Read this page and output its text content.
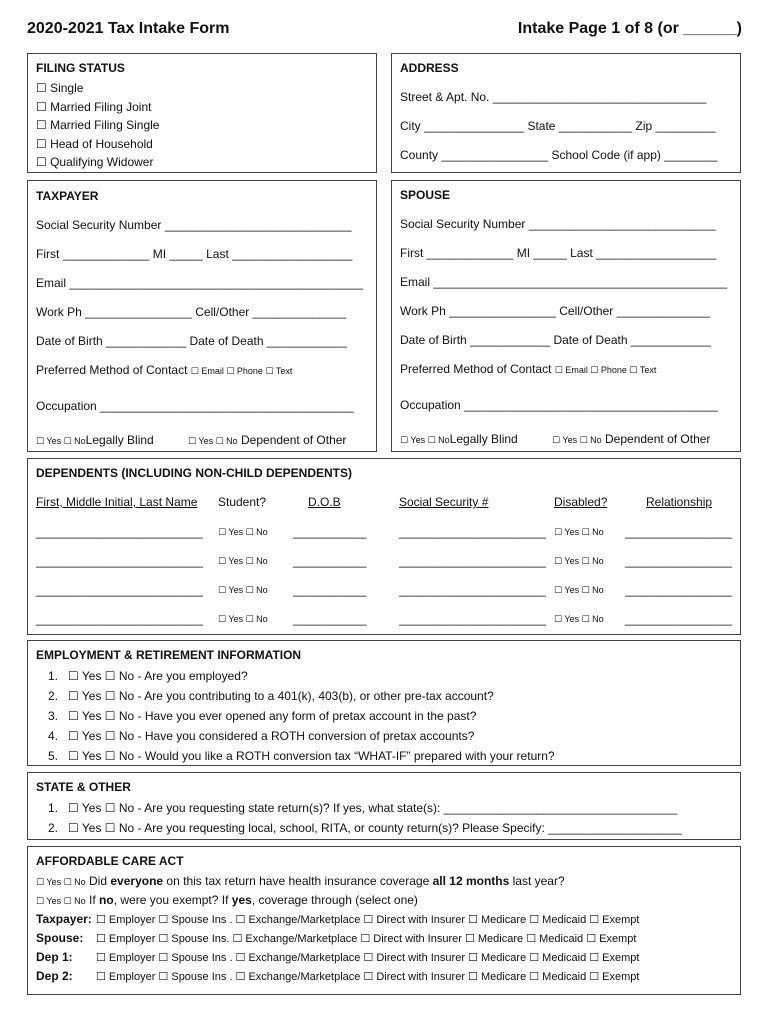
2020-2021 Tax Intake Form	Intake Page 1 of 8 (or ______)
FILING STATUS
☐ Single
☐ Married Filing Joint
☐ Married Filing Single
☐ Head of Household
☐ Qualifying Widower
ADDRESS
Street & Apt. No. ________________________________
City _______________ State ___________ Zip _________
County ________________ School Code (if app) ________
TAXPAYER
Social Security Number ____________________________
First _____________ MI _____ Last __________________
Email ____________________________________________
Work Ph ________________ Cell/Other ______________
Date of Birth ____________ Date of Death ____________
Preferred Method of Contact ☐ Email ☐ Phone ☐ Text
Occupation ______________________________________
☐ Yes ☐ NoLegally Blind	☐ Yes ☐ No Dependent of Other
SPOUSE
Social Security Number ____________________________
First _____________ MI _____ Last __________________
Email ____________________________________________
Work Ph ________________ Cell/Other ______________
Date of Birth ____________ Date of Death ____________
Preferred Method of Contact ☐ Email ☐ Phone ☐ Text
Occupation ______________________________________
☐ Yes ☐ NoLegally Blind	☐ Yes ☐ No Dependent of Other
DEPENDENTS (INCLUDING NON-CHILD DEPENDENTS)
First, Middle Initial, Last Name Student?	D.O.B	Social Security #	Disabled?	Relationship
_________________________ ☐ Yes ☐ No ___________	______________________ ☐ Yes ☐ No ________________
_________________________ ☐ Yes ☐ No ___________	______________________ ☐ Yes ☐ No ________________
_________________________ ☐ Yes ☐ No ___________	______________________ ☐ Yes ☐ No ________________
_________________________ ☐ Yes ☐ No ___________	______________________ ☐ Yes ☐ No ________________
EMPLOYMENT & RETIREMENT INFORMATION
1. ☐ Yes ☐ No - Are you employed?
2. ☐ Yes ☐ No - Are you contributing to a 401(k), 403(b), or other pre-tax account?
3. ☐ Yes ☐ No - Have you ever opened any form of pretax account in the past?
4. ☐ Yes ☐ No - Have you considered a ROTH conversion of pretax accounts?
5. ☐ Yes ☐ No - Would you like a ROTH conversion tax “WHAT-IF” prepared with your return?
STATE & OTHER
1. ☐ Yes ☐ No - Are you requesting state return(s)? If yes, what state(s): ___________________________________
2. ☐ Yes ☐ No - Are you requesting local, school, RITA, or county return(s)? Please Specify: ____________________
AFFORDABLE CARE ACT
☐ Yes ☐ No Did everyone on this tax return have health insurance coverage all 12 months last year?
☐ Yes ☐ No If no, were you exempt? If yes, coverage through (select one)
Taxpayer: ☐ Employer ☐ Spouse Ins . ☐ Exchange/Marketplace ☐ Direct with Insurer ☐ Medicare ☐ Medicaid ☐ Exempt
Spouse: ☐ Employer ☐ Spouse Ins. ☐ Exchange/Marketplace ☐ Direct with Insurer ☐ Medicare ☐ Medicaid ☐ Exempt
Dep 1: ☐ Employer ☐ Spouse Ins . ☐ Exchange/Marketplace ☐ Direct with Insurer ☐ Medicare ☐ Medicaid ☐ Exempt
Dep 2: ☐ Employer ☐ Spouse Ins . ☐ Exchange/Marketplace ☐ Direct with Insurer ☐ Medicare ☐ Medicaid ☐ Exempt
